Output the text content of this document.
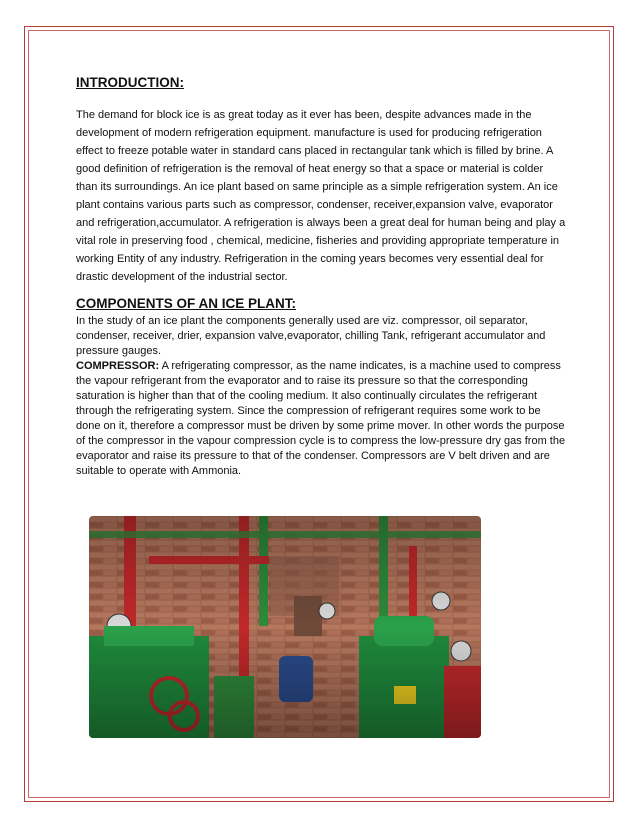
INTRODUCTION:

The demand for block ice is as great today as it ever has been, despite advances made in the development of modern refrigeration equipment. manufacture is used for producing refrigeration effect to freeze potable water in standard cans placed in rectangular tank which is filled by brine. A good definition of refrigeration is the removal of heat energy so that a space or material is colder than its surroundings. An ice plant based on same principle as a simple refrigeration system. An ice plant contains various parts such as compressor, condenser, receiver,expansion valve, evaporator and refrigeration,accumulator. A refrigeration is always been a great deal for human being and play a vital role in preserving food , chemical, medicine, fisheries and providing appropriate temperature in working Entity of any industry. Refrigeration in the coming years becomes very essential deal for drastic development of the industrial sector.

COMPONENTS OF AN ICE PLANT:

In the study of an ice plant the components generally used are viz. compressor, oil separator, condenser, receiver, drier, expansion valve,evaporator, chilling Tank, refrigerant accumulator and pressure gauges.

COMPRESSOR: A refrigerating compressor, as the name indicates, is a machine used to compress the vapour refrigerant from the evaporator and to raise its pressure so that the corresponding saturation is higher than that of the cooling medium. It also continually circulates the refrigerant through the refrigerating system. Since the compression of refrigerant requires some work to be done on it, therefore a compressor must be driven by some prime mover. In other words the purpose of the compressor in the vapour compression cycle is to compress the low-pressure dry gas from the evaporator and raise its pressure to that of the condenser. Compressors are V belt driven and are suitable to operate with Ammonia.
